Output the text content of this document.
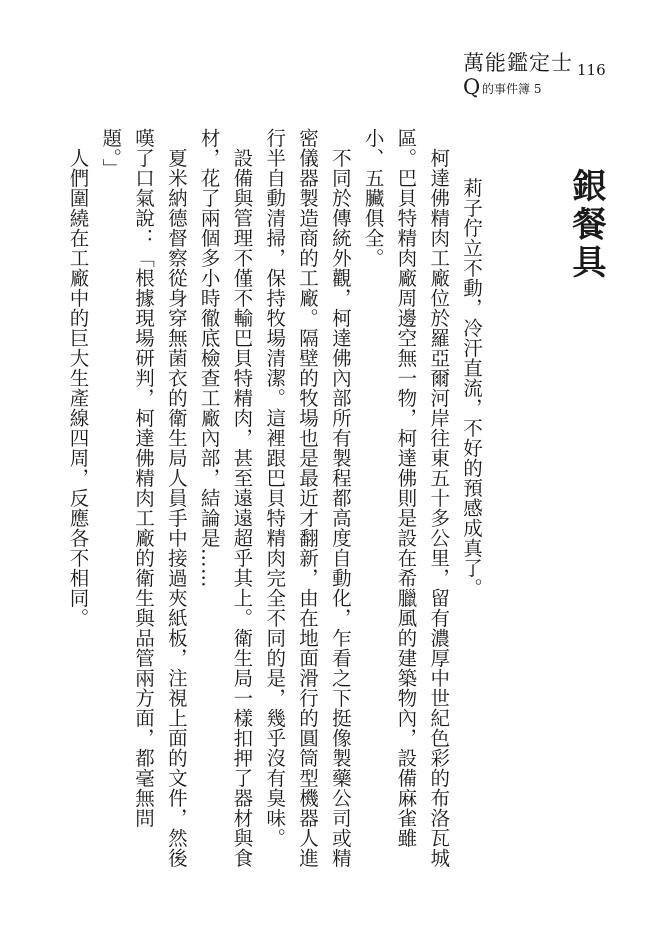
萬能鑑定士
Q 的事件簿 5
116
銀餐具

莉子佇立不動，冷汗直流，不好的預感成真了。

柯達佛精肉工廠位於羅亞爾河岸往東五十多公里，留有濃厚中世紀色彩的布洛瓦城區。巴貝特精肉廠周邊空無一物，柯達佛則是設在希臘風的建築物內，設備麻雀雖小、五臟俱全。

不同於傳統外觀，柯達佛內部所有製程都高度自動化，乍看之下挺像製藥公司或精密儀器製造商的工廠。隔壁的牧場也是最近才翻新，由在地面滑行的圓筒型機器人進行半自動清掃，保持牧場清潔。這裡跟巴貝特精肉完全不同的是，幾乎沒有臭味。

設備與管理不僅不輸巴貝特精肉，甚至遠遠超乎其上。衛生局一樣扣押了器材與食材，花了兩個多小時徹底檢查工廠內部，結論是……

夏米納德督察從身穿無菌衣的衛生局人員手中接過夾紙板，注視上面的文件，然後嘆了口氣說：「根據現場研判，柯達佛精肉工廠的衛生與品管兩方面，都毫無問題。」

人們圍繞在工廠中的巨大生產線四周，反應各不相同。
